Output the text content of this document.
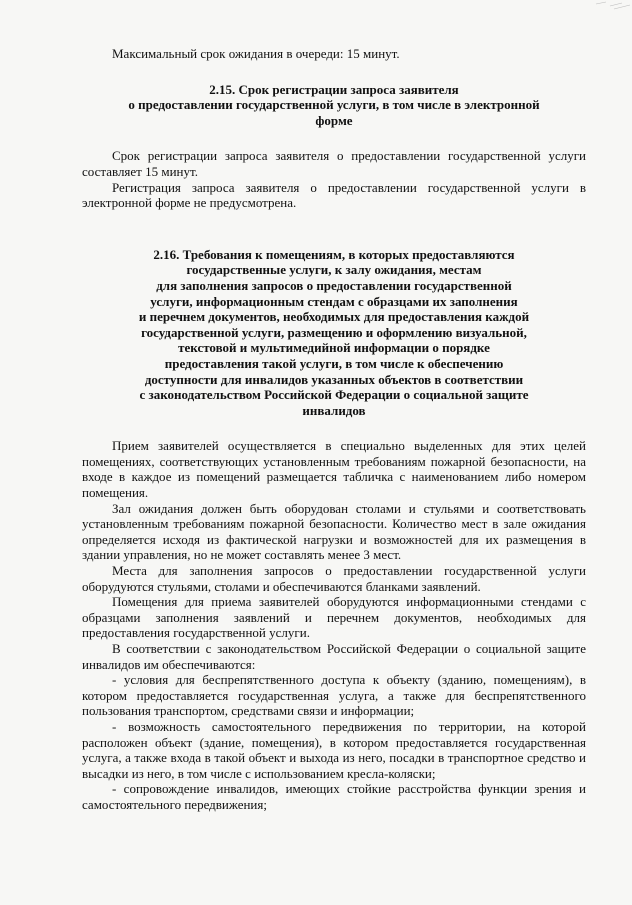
Максимальный срок ожидания в очереди: 15 минут.

2.15. Срок регистрации запроса заявителя

о предоставлении государственной услуги, в том числе в электронной

форме

Срок регистрации запроса заявителя о предоставлении государственной услуги составляет 15 минут.

Регистрация запроса заявителя о предоставлении государственной услуги в электронной форме не предусмотрена.

2.16. Требования к помещениям, в которых предоставляются

государственные услуги, к залу ожидания, местам

для заполнения запросов о предоставлении государственной

услуги, информационным стендам с образцами их заполнения

и перечнем документов, необходимых для предоставления каждой

государственной услуги, размещению и оформлению визуальной,

текстовой и мультимедийной информации о порядке

предоставления такой услуги, в том числе к обеспечению

доступности для инвалидов указанных объектов в соответствии

с законодательством Российской Федерации о социальной защите

инвалидов

Прием заявителей осуществляется в специально выделенных для этих целей помещениях, соответствующих установленным требованиям пожарной безопасности, на входе в каждое из помещений размещается табличка с наименованием либо номером помещения.

Зал ожидания должен быть оборудован столами и стульями и соответствовать установленным требованиям пожарной безопасности. Количество мест в зале ожидания определяется исходя из фактической нагрузки и возможностей для их размещения в здании управления, но не может составлять менее 3 мест.

Места для заполнения запросов о предоставлении государственной услуги оборудуются стульями, столами и обеспечиваются бланками заявлений.

Помещения для приема заявителей оборудуются информационными стендами с образцами заполнения заявлений и перечнем документов, необходимых для предоставления государственной услуги.

В соответствии с законодательством Российской Федерации о социальной защите инвалидов им обеспечиваются:

- условия для беспрепятственного доступа к объекту (зданию, помещениям), в котором предоставляется государственная услуга, а также для беспрепятственного пользования транспортом, средствами связи и информации;

- возможность самостоятельного передвижения по территории, на которой расположен объект (здание, помещения), в котором предоставляется государственная услуга, а также входа в такой объект и выхода из него, посадки в транспортное средство и высадки из него, в том числе с использованием кресла-коляски;

- сопровождение инвалидов, имеющих стойкие расстройства функции зрения и самостоятельного передвижения;
